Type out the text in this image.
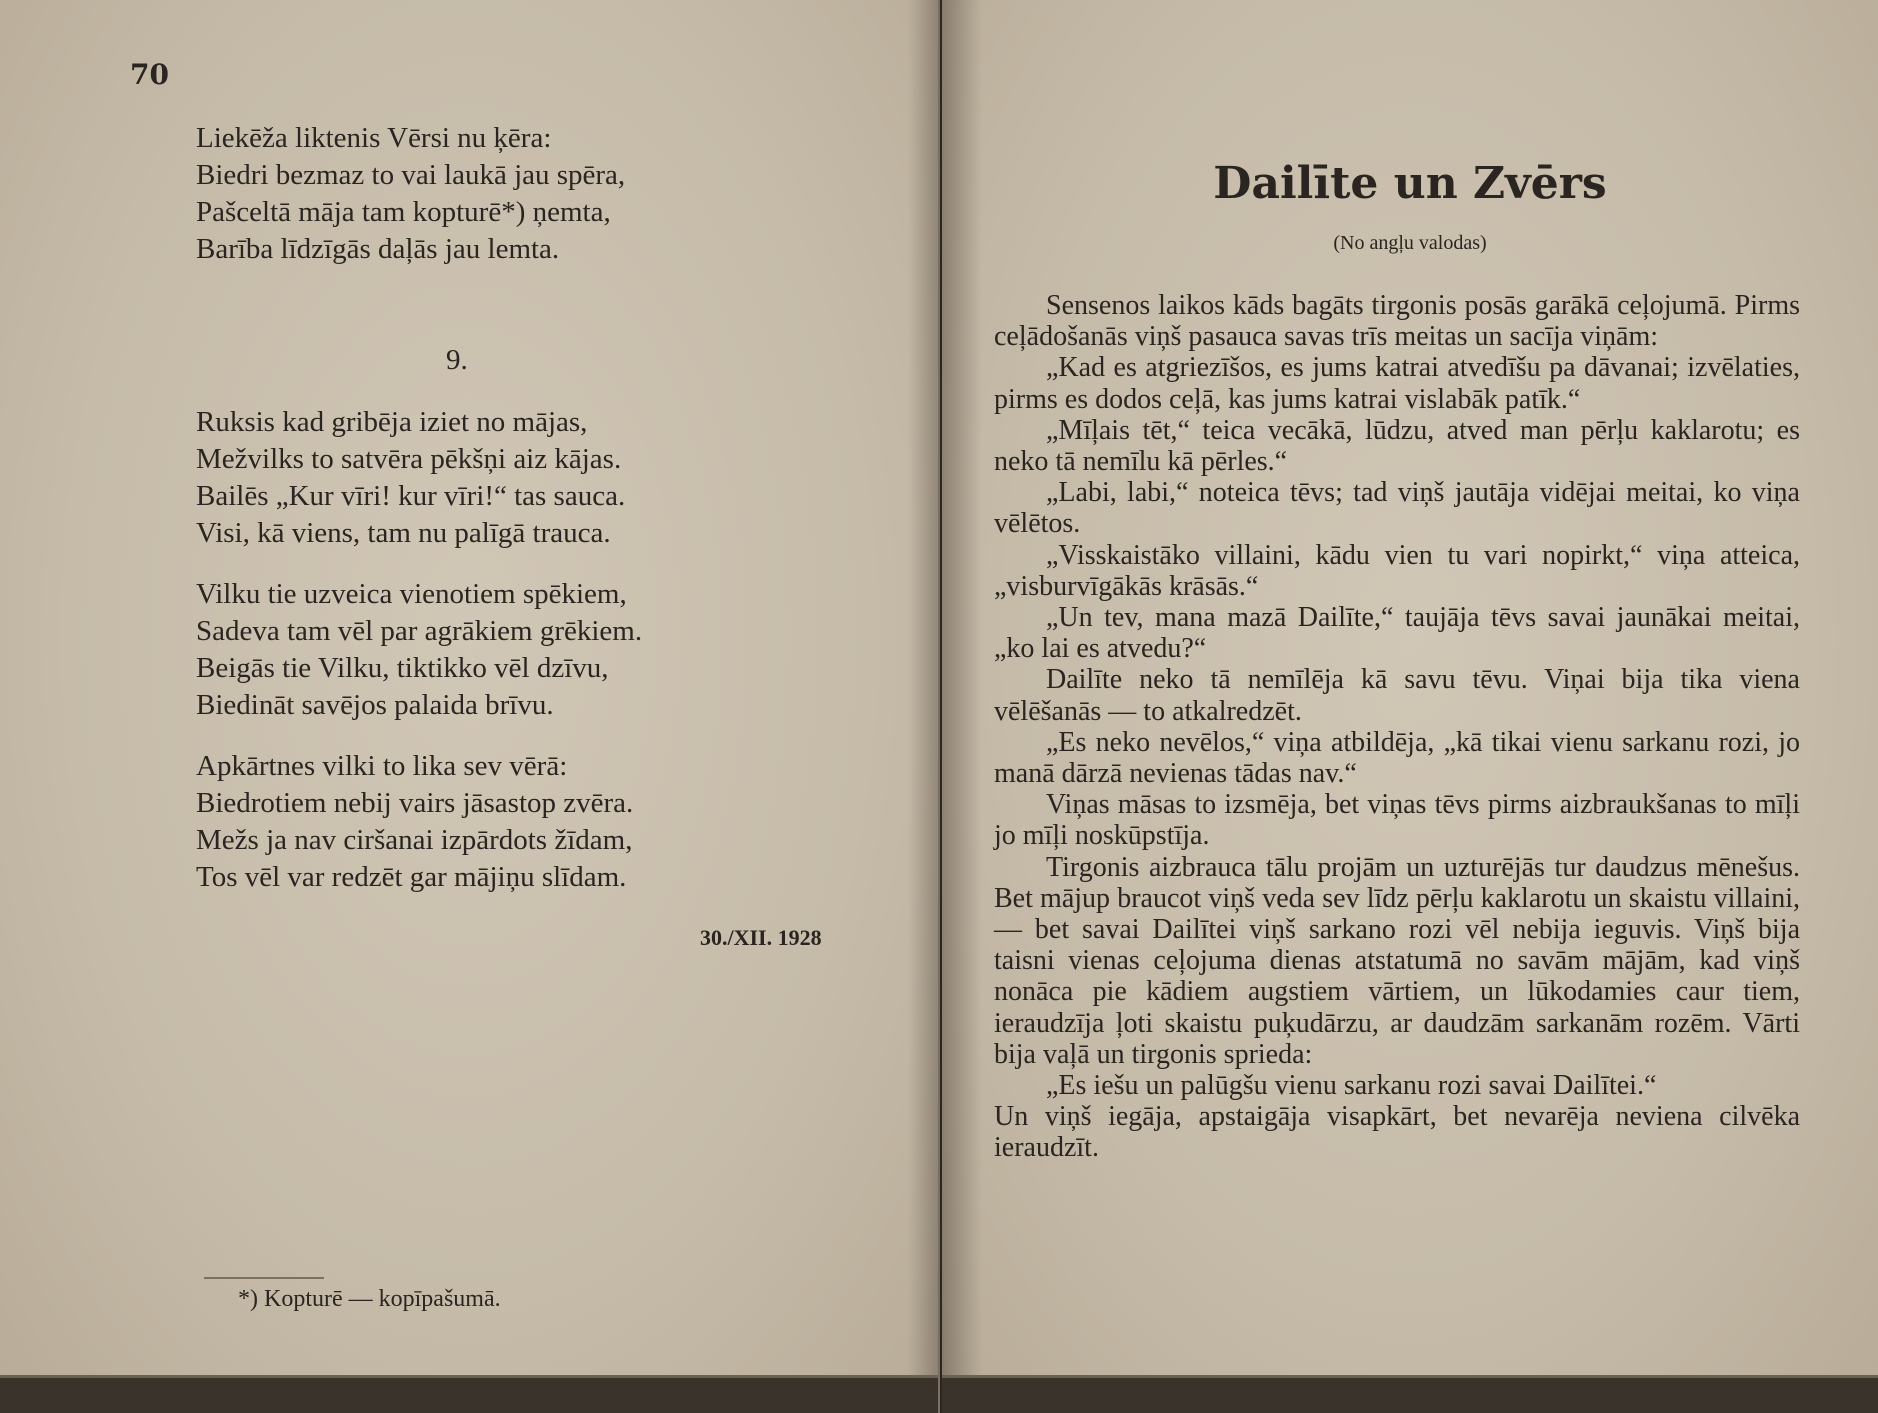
70
Liekēža liktenis Vērsi nu ķēra:
Biedri bezmaz to vai laukā jau spēra,
Pašceltā māja tam kopturē*) ņemta,
Barība līdzīgās daļās jau lemta.
9.
Ruksis kad gribēja iziet no mājas,
Mežvilks to satvēra pēkšņi aiz kājas.
Bailēs „Kur vīri! kur vīri!“ tas sauca.
Visi, kā viens, tam nu palīgā trauca.
Vilku tie uzveica vienotiem spēkiem,
Sadeva tam vēl par agrākiem grēkiem.
Beigās tie Vilku, tiktikko vēl dzīvu,
Biedināt savējos palaida brīvu.
Apkārtnes vilki to lika sev vērā:
Biedrotiem nebij vairs jāsastop zvēra.
Mežs ja nav ciršanai izpārdots žīdam,
Tos vēl var redzēt gar mājiņu slīdam.
30./XII. 1928
*) Kopturē — kopīpašumā.
Dailīte un Zvērs
(No angļu valodas)

Sensenos laikos kāds bagāts tirgonis posās garākā ceļojumā. Pirms ceļādošanās viņš pasauca savas trīs meitas un sacīja viņām:

„Kad es atgriezīšos, es jums katrai atvedīšu pa dāvanai; izvēlaties, pirms es dodos ceļā, kas jums katrai vislabāk patīk.“

„Mīļais tēt,“ teica vecākā, lūdzu, atved man pērļu kaklarotu; es neko tā nemīlu kā pērles.“

„Labi, labi,“ noteica tēvs; tad viņš jautāja vidējai meitai, ko viņa vēlētos.

„Visskaistāko villaini, kādu vien tu vari nopirkt,“ viņa atteica, „visburvīgākās krāsās.“

„Un tev, mana mazā Dailīte,“ taujāja tēvs savai jaunākai meitai, „ko lai es atvedu?“

Dailīte neko tā nemīlēja kā savu tēvu. Viņai bija tika viena vēlēšanās — to atkalredzēt.

„Es neko nevēlos,“ viņa atbildēja, „kā tikai vienu sarkanu rozi, jo manā dārzā nevienas tādas nav.“

Viņas māsas to izsmēja, bet viņas tēvs pirms aizbraukšanas to mīļi jo mīļi noskūpstīja.

Tirgonis aizbrauca tālu projām un uzturējās tur daudzus mēnešus. Bet mājup braucot viņš veda sev līdz pērļu kaklarotu un skaistu villaini, — bet savai Dailītei viņš sarkano rozi vēl nebija ieguvis. Viņš bija taisni vienas ceļojuma dienas atstatumā no savām mājām, kad viņš nonāca pie kādiem augstiem vārtiem, un lūkodamies caur tiem, ieraudzīja ļoti skaistu puķudārzu, ar daudzām sarkanām rozēm. Vārti bija vaļā un tirgonis sprieda:

„Es iešu un palūgšu vienu sarkanu rozi savai Dailītei.“

Un viņš iegāja, apstaigāja visapkārt, bet nevarēja neviena cilvēka ieraudzīt.
